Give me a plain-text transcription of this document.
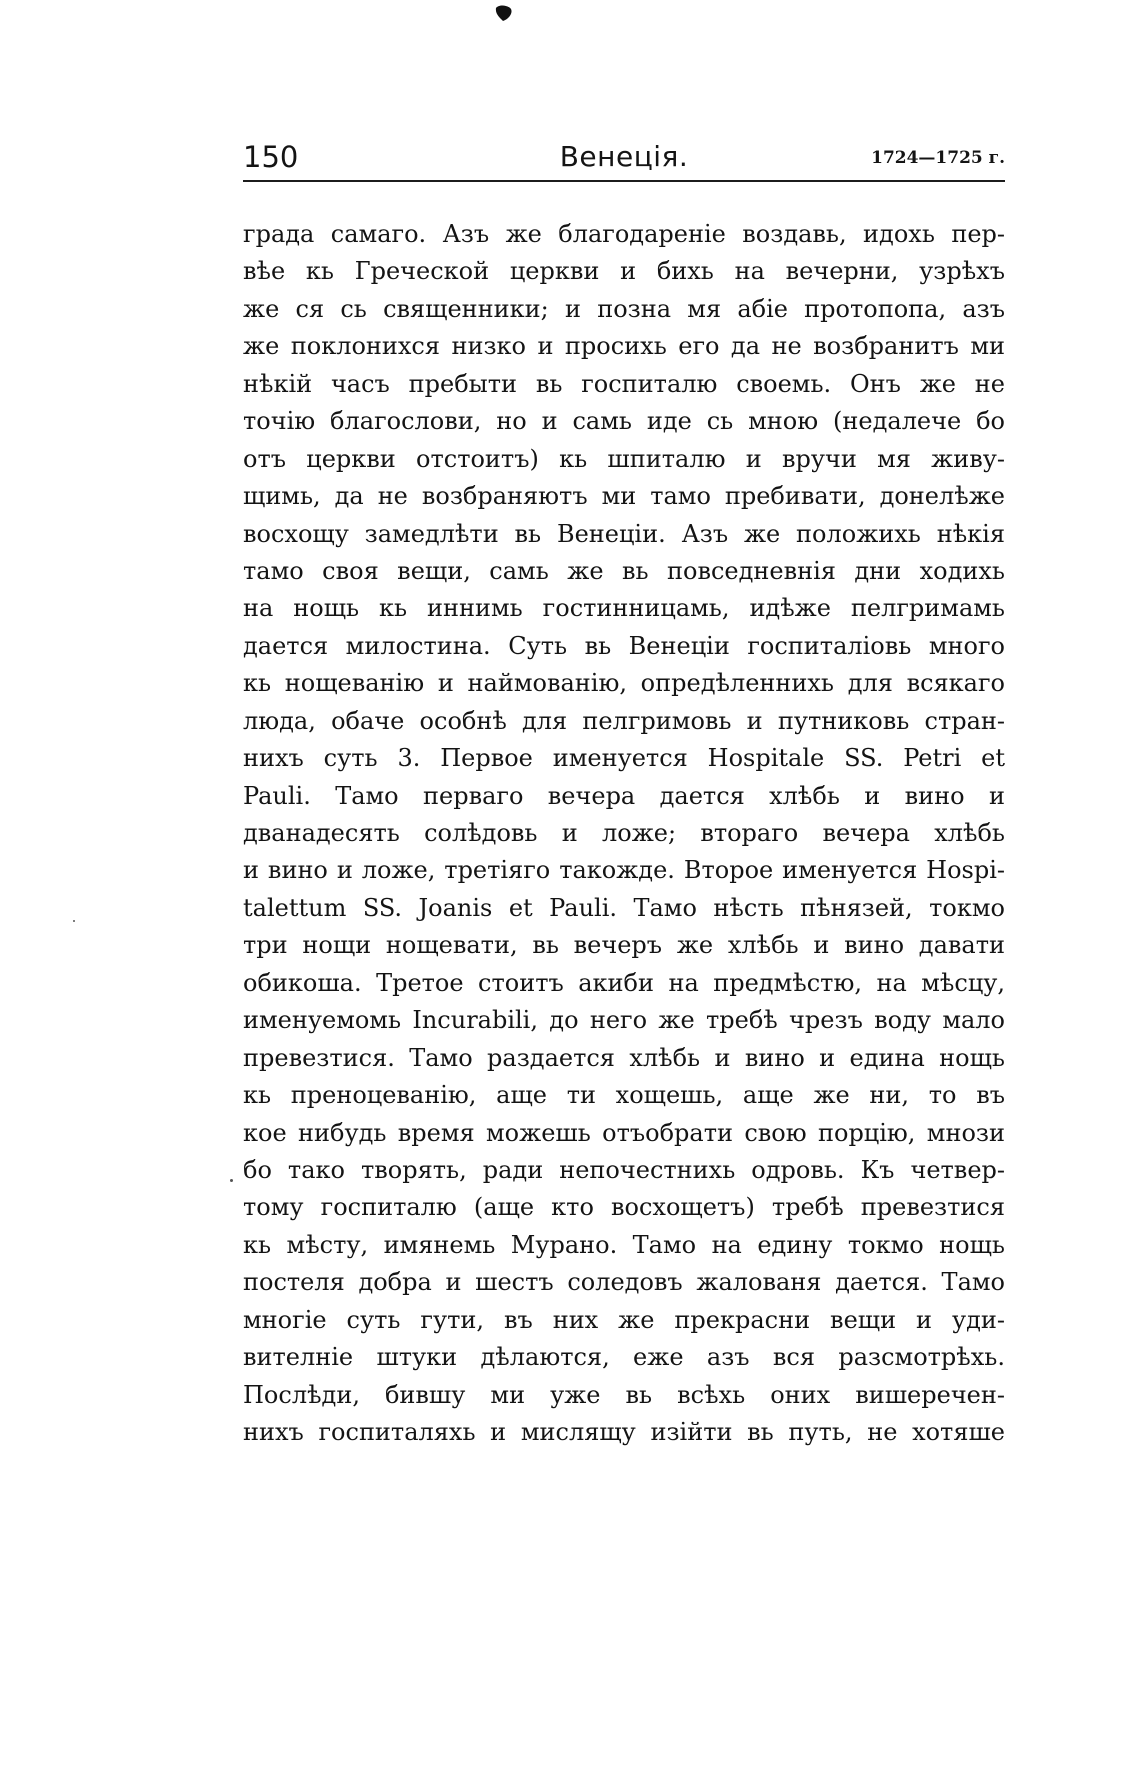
150	Венеція.	1724—1725 г.
града самаго. Азъ же благодареніе воздавь, идохь пер-
вѣе кь Греческой церкви и бихь на вечерни, узрѣхъ
же ся сь священники; и позна мя абіе протопопа, азъ
же поклонихся низко и просихь его да не возбранитъ ми
нѣкій часъ пребыти вь госпиталю своемь. Онъ же не
точію благослови, но и самь иде сь мною (недалече бо
отъ церкви отстоитъ) кь шпиталю и вручи мя живу-
щимь, да не возбраняютъ ми тамо пребивати, донелѣже
восхощу замедлѣти вь Венеціи. Азъ же положихь нѣкія
тамо своя вещи, самь же вь повседневнія дни ходихь
на нощь кь иннимь гостинницамь, идѣже пелгримамь
дается милостина. Суть вь Венеціи госпиталіовь много
кь нощеванію и наймованію, опредѣленнихь для всякаго
люда, обаче особнѣ для пелгримовь и путниковь стран-
нихъ суть 3. Первое именуется Hospitale SS. Petri et
Pauli. Тамо перваго вечера дается хлѣбь и вино и
дванадесять солѣдовь и ложе; втораго вечера хлѣбь
и вино и ложе, третіяго такожде. Второе именуется Hospi-
talettum SS. Joanis et Pauli. Тамо нѣсть пѣнязей, токмо
три нощи нощевати, вь вечеръ же хлѣбь и вино давати
обикоша. Третое стоитъ акиби на предмѣстю, на мѣсцу,
именуемомь Incurabili, до него же требѣ чрезъ воду мало
превезтися. Тамо раздается хлѣбь и вино и едина нощь
кь преноцеванію, аще ти хощешь, аще же ни, то въ
кое нибудь время можешь отъобрати свою порцію, мнози
бо тако творять, ради непочестнихь одровь. Къ четвер-
тому госпиталю (аще кто восхощетъ) требѣ превезтися
кь мѣсту, имянемь Мурано. Тамо на едину токмо нощь
постеля добра и шестъ соледовъ жалованя дается. Тамо
многіе суть гути, въ них же прекрасни вещи и уди-
вителніе штуки дѣлаются, еже азъ вся разсмотрѣхь.
Послѣди, бившу ми уже вь всѣхь оних вишеречен-
нихъ госпиталяхь и мислящу изійти вь путь, не хотяше
